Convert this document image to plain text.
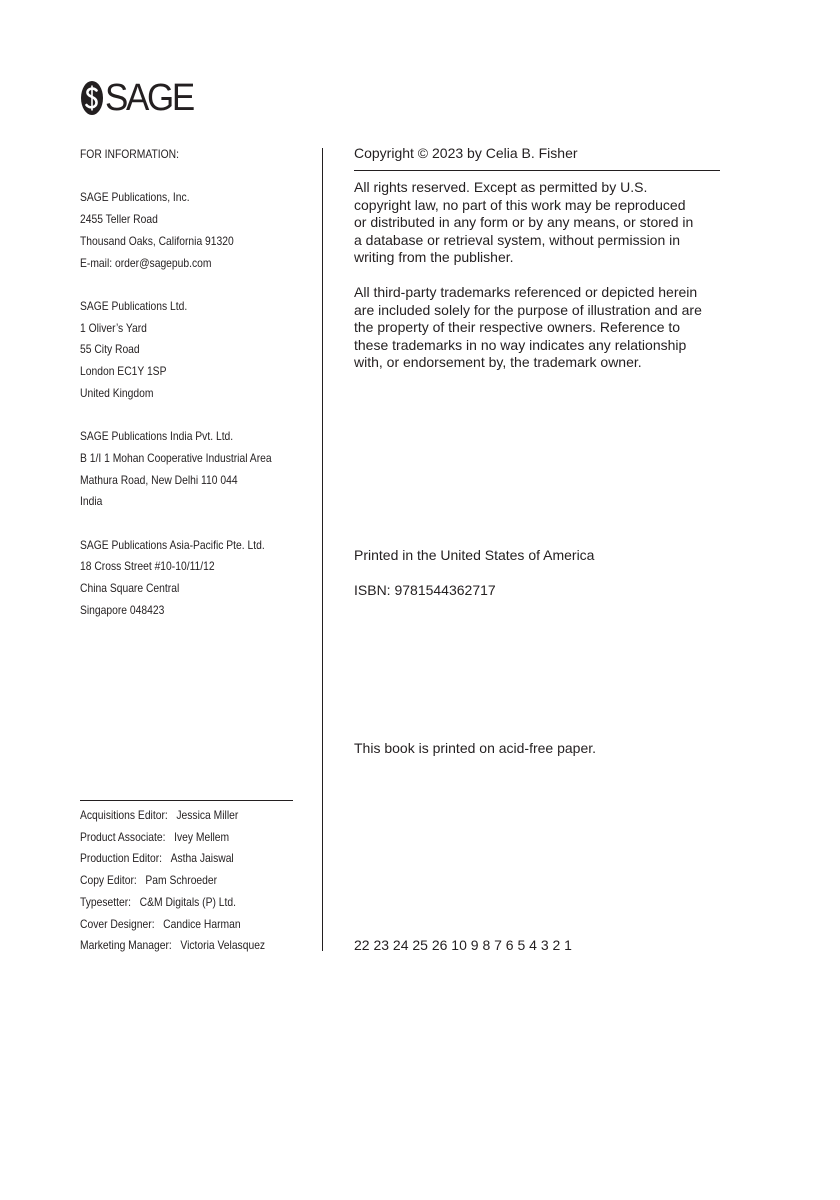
SAGE
FOR INFORMATION:
SAGE Publications, Inc.
2455 Teller Road
Thousand Oaks, California 91320
E-mail: order@sagepub.com
SAGE Publications Ltd.
1 Oliver’s Yard
55 City Road
London EC1Y 1SP
United Kingdom
SAGE Publications India Pvt. Ltd.
B 1/I 1 Mohan Cooperative Industrial Area
Mathura Road, New Delhi 110 044
India
SAGE Publications Asia-Pacific Pte. Ltd.
18 Cross Street #10-10/11/12
China Square Central
Singapore 048423
Acquisitions Editor: Jessica Miller
Product Associate: Ivey Mellem
Production Editor: Astha Jaiswal
Copy Editor: Pam Schroeder
Typesetter: C&M Digitals (P) Ltd.
Cover Designer: Candice Harman
Marketing Manager: Victoria Velasquez
Copyright © 2023 by Celia B. Fisher
All rights reserved. Except as permitted by U.S.
copyright law, no part of this work may be reproduced
or distributed in any form or by any means, or stored in
a database or retrieval system, without permission in
writing from the publisher.
All third-party trademarks referenced or depicted herein
are included solely for the purpose of illustration and are
the property of their respective owners. Reference to
these trademarks in no way indicates any relationship
with, or endorsement by, the trademark owner.
Printed in the United States of America
ISBN: 9781544362717
This book is printed on acid-free paper.
22 23 24 25 26 10 9 8 7 6 5 4 3 2 1
